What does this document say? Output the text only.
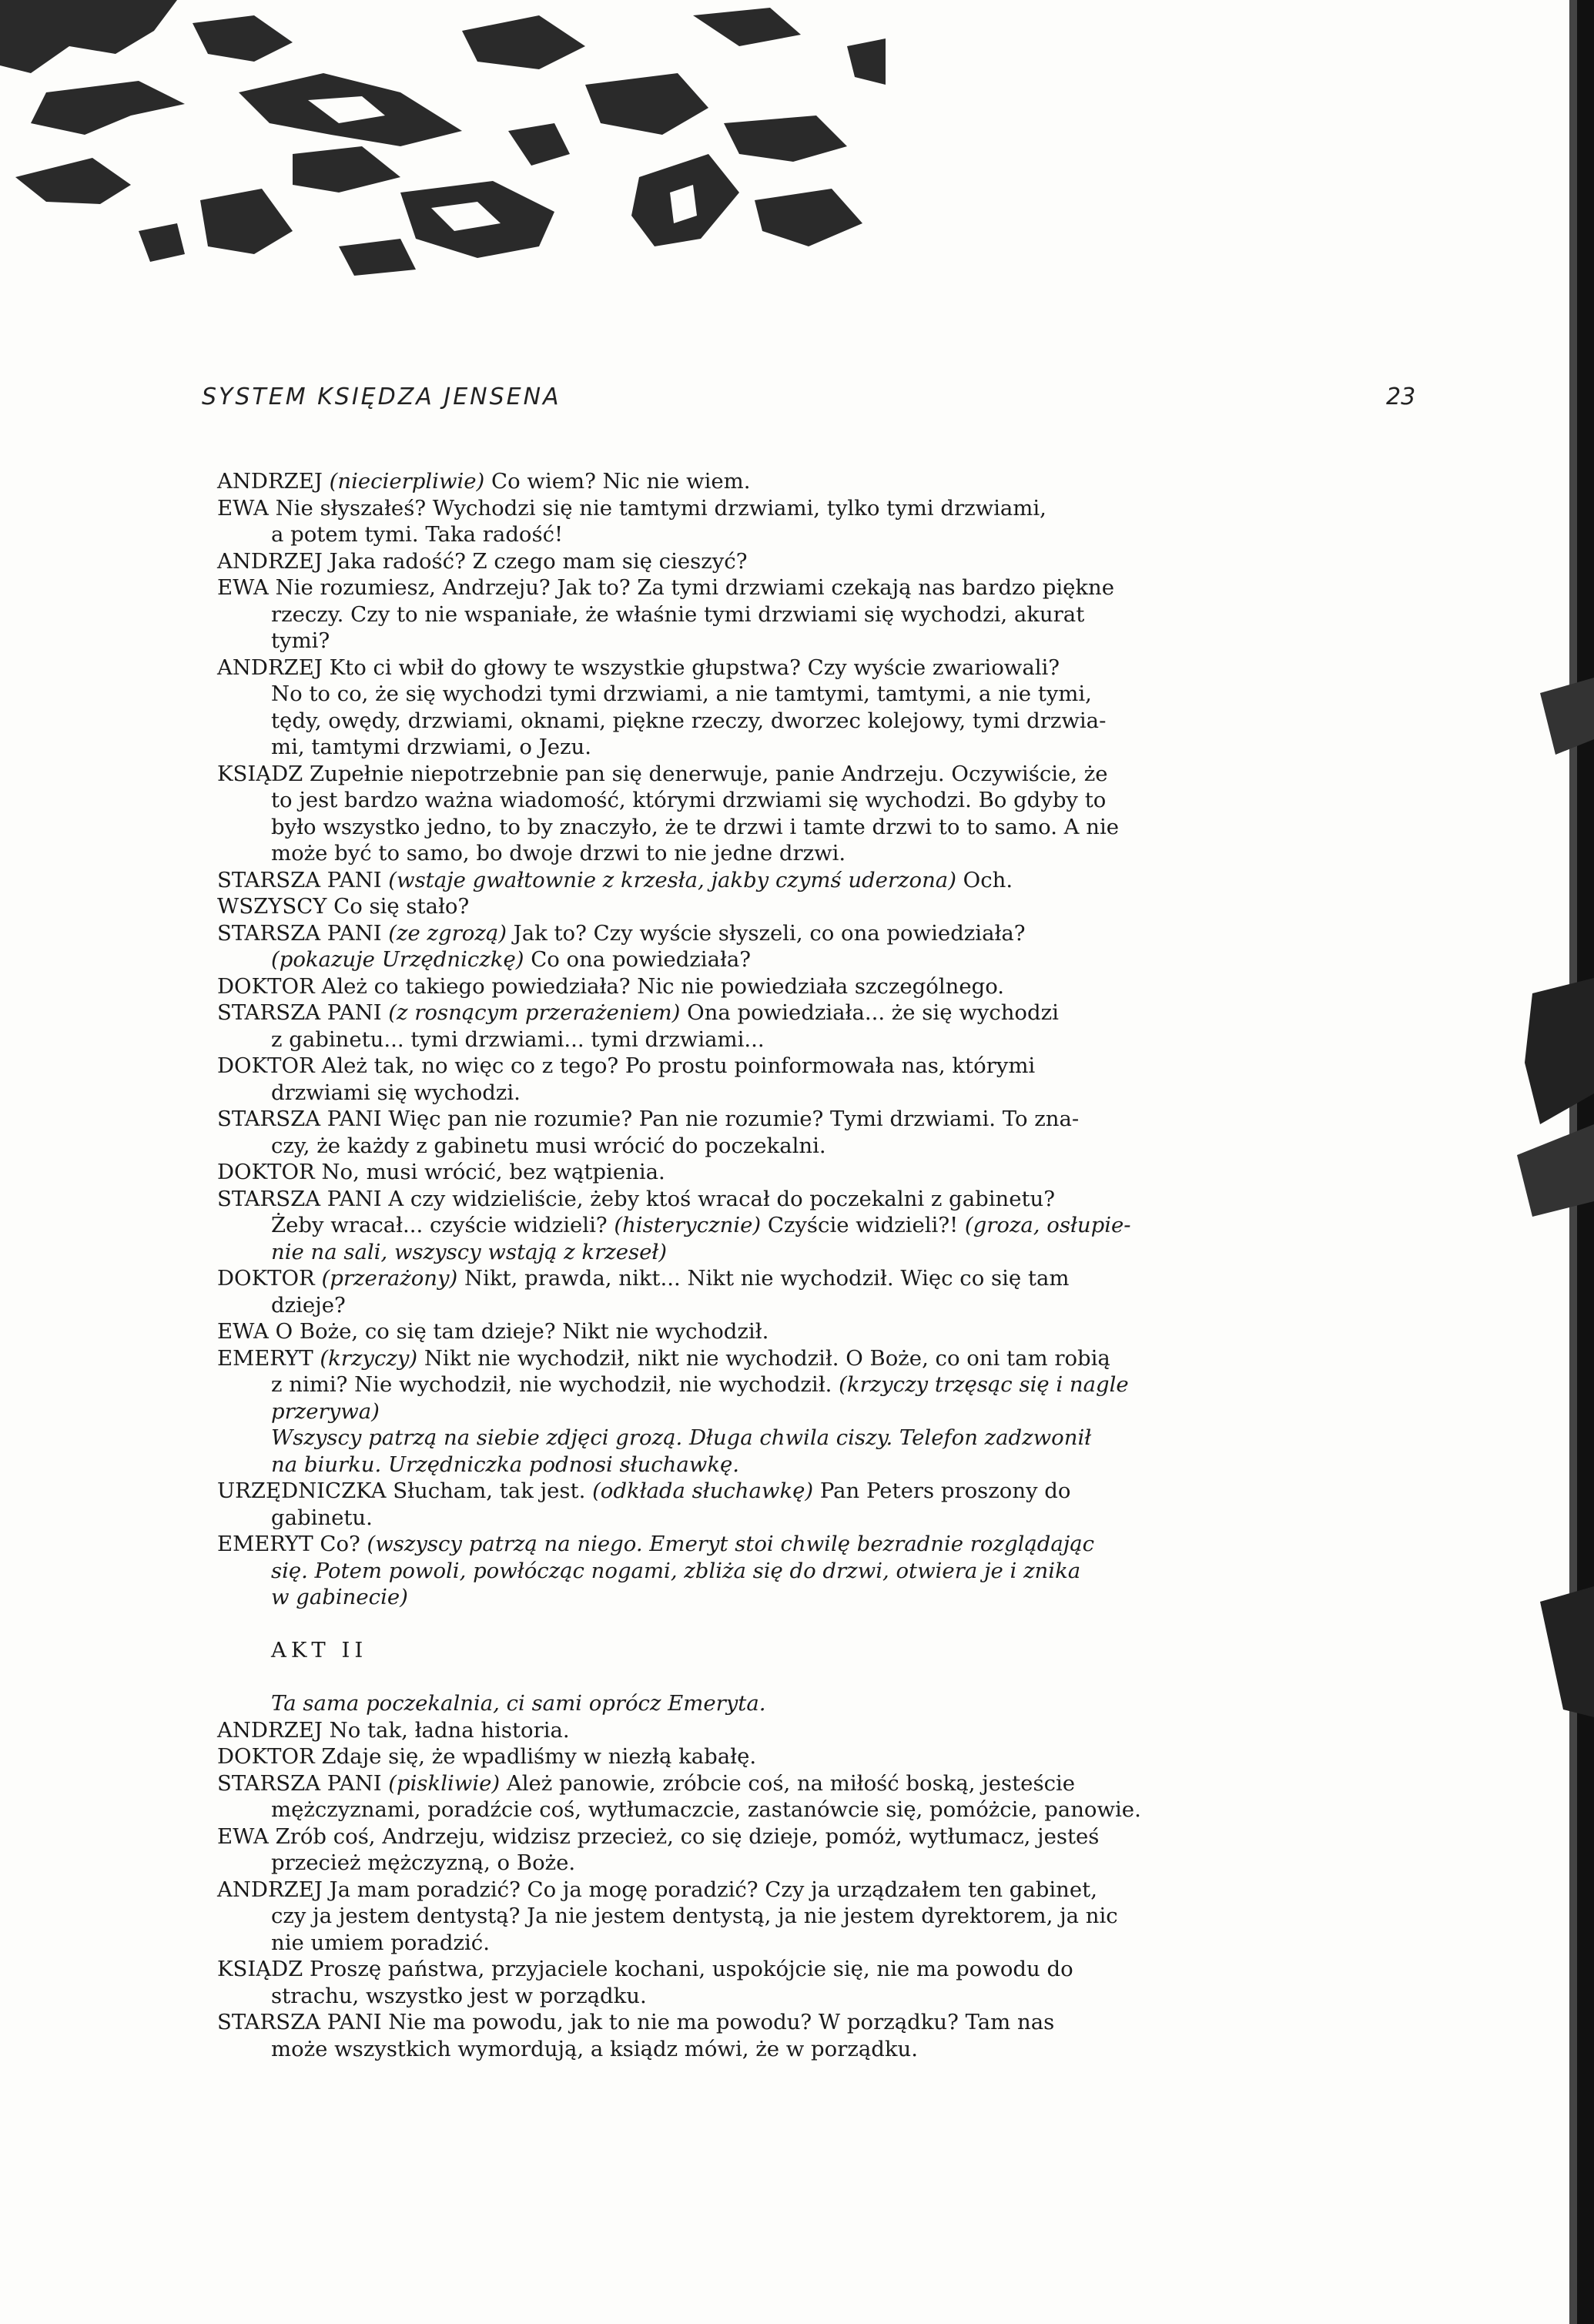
SYSTEM KSIĘDZA JENSENA	23
ANDRZEJ (niecierpliwie) Co wiem? Nic nie wiem.
EWA Nie słyszałeś? Wychodzi się nie tamtymi drzwiami, tylko tymi drzwiami,
a potem tymi. Taka radość!
ANDRZEJ Jaka radość? Z czego mam się cieszyć?
EWA Nie rozumiesz, Andrzeju? Jak to? Za tymi drzwiami czekają nas bardzo piękne
rzeczy. Czy to nie wspaniałe, że właśnie tymi drzwiami się wychodzi, akurat
tymi?
ANDRZEJ Kto ci wbił do głowy te wszystkie głupstwa? Czy wyście zwariowali?
No to co, że się wychodzi tymi drzwiami, a nie tamtymi, tamtymi, a nie tymi,
tędy, owędy, drzwiami, oknami, piękne rzeczy, dworzec kolejowy, tymi drzwia-
mi, tamtymi drzwiami, o Jezu.
KSIĄDZ Zupełnie niepotrzebnie pan się denerwuje, panie Andrzeju. Oczywiście, że
to jest bardzo ważna wiadomość, którymi drzwiami się wychodzi. Bo gdyby to
było wszystko jedno, to by znaczyło, że te drzwi i tamte drzwi to to samo. A nie
może być to samo, bo dwoje drzwi to nie jedne drzwi.
STARSZA PANI (wstaje gwałtownie z krzesła, jakby czymś uderzona) Och.
WSZYSCY Co się stało?
STARSZA PANI (ze zgrozą) Jak to? Czy wyście słyszeli, co ona powiedziała?
(pokazuje Urzędniczkę) Co ona powiedziała?
DOKTOR Ależ co takiego powiedziała? Nic nie powiedziała szczególnego.
STARSZA PANI (z rosnącym przerażeniem) Ona powiedziała... że się wychodzi
z gabinetu... tymi drzwiami... tymi drzwiami...
DOKTOR Ależ tak, no więc co z tego? Po prostu poinformowała nas, którymi
drzwiami się wychodzi.
STARSZA PANI Więc pan nie rozumie? Pan nie rozumie? Tymi drzwiami. To zna-
czy, że każdy z gabinetu musi wrócić do poczekalni.
DOKTOR No, musi wrócić, bez wątpienia.
STARSZA PANI A czy widzieliście, żeby ktoś wracał do poczekalni z gabinetu?
Żeby wracał... czyście widzieli? (histerycznie) Czyście widzieli?! (groza, osłupie-
nie na sali, wszyscy wstają z krzeseł)
DOKTOR (przerażony) Nikt, prawda, nikt... Nikt nie wychodził. Więc co się tam
dzieje?
EWA O Boże, co się tam dzieje? Nikt nie wychodził.
EMERYT (krzyczy) Nikt nie wychodził, nikt nie wychodził. O Boże, co oni tam robią
z nimi? Nie wychodził, nie wychodził, nie wychodził. (krzyczy trzęsąc się i nagle
przerywa)
Wszyscy patrzą na siebie zdjęci grozą. Długa chwila ciszy. Telefon zadzwonił
na biurku. Urzędniczka podnosi słuchawkę.
URZĘDNICZKA Słucham, tak jest. (odkłada słuchawkę) Pan Peters proszony do
gabinetu.
EMERYT Co? (wszyscy patrzą na niego. Emeryt stoi chwilę bezradnie rozglądając
się. Potem powoli, powłócząc nogami, zbliża się do drzwi, otwiera je i znika
w gabinecie)
AKT II
Ta sama poczekalnia, ci sami oprócz Emeryta.
ANDRZEJ No tak, ładna historia.
DOKTOR Zdaje się, że wpadliśmy w niezłą kabałę.
STARSZA PANI (piskliwie) Ależ panowie, zróbcie coś, na miłość boską, jesteście
mężczyznami, poradźcie coś, wytłumaczcie, zastanówcie się, pomóżcie, panowie.
EWA Zrób coś, Andrzeju, widzisz przecież, co się dzieje, pomóż, wytłumacz, jesteś
przecież mężczyzną, o Boże.
ANDRZEJ Ja mam poradzić? Co ja mogę poradzić? Czy ja urządzałem ten gabinet,
czy ja jestem dentystą? Ja nie jestem dentystą, ja nie jestem dyrektorem, ja nic
nie umiem poradzić.
KSIĄDZ Proszę państwa, przyjaciele kochani, uspokójcie się, nie ma powodu do
strachu, wszystko jest w porządku.
STARSZA PANI Nie ma powodu, jak to nie ma powodu? W porządku? Tam nas
może wszystkich wymordują, a ksiądz mówi, że w porządku.
